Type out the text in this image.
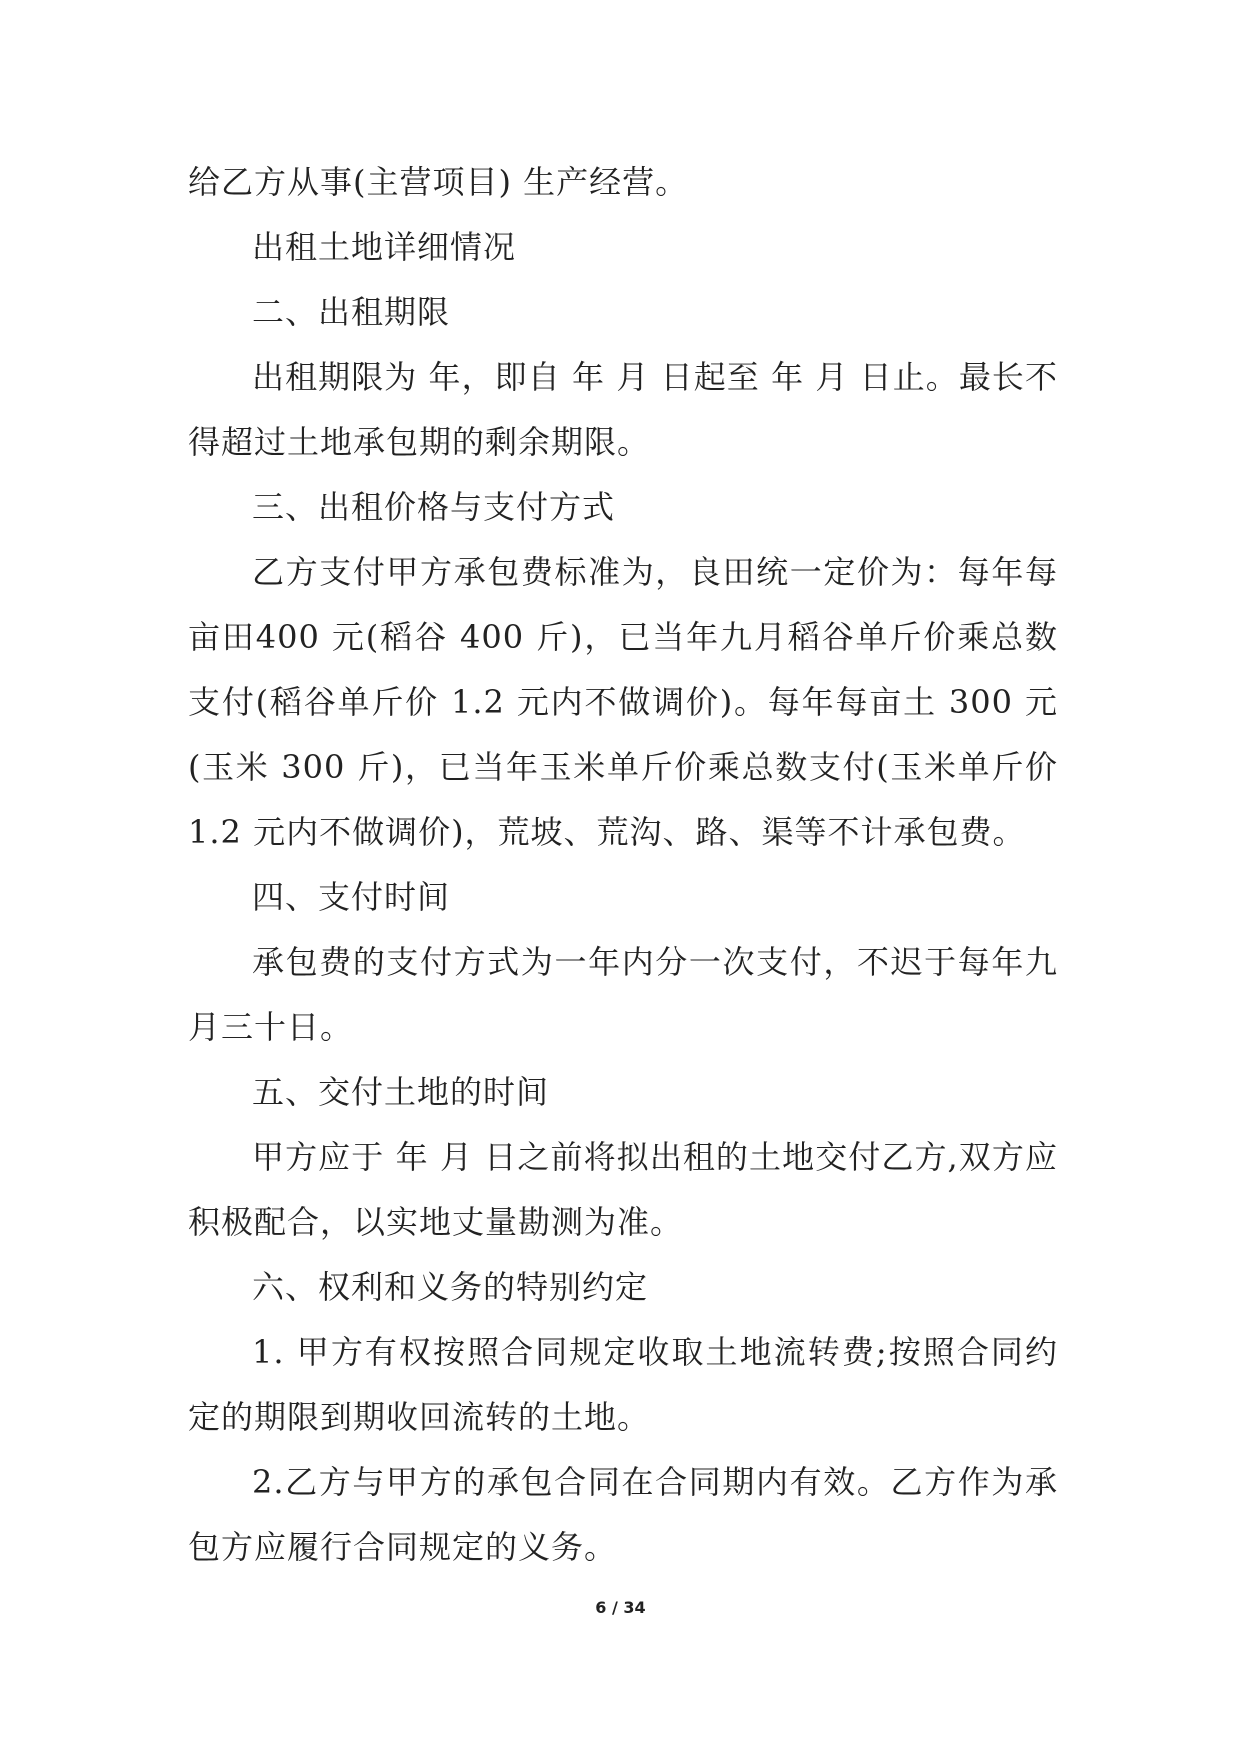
给乙方从事(主营项目) 生产经营。

出租土地详细情况

二、出租期限

出租期限为 年，即自 年 月 日起至 年 月 日止。最长不得超过土地承包期的剩余期限。

三、出租价格与支付方式

乙方支付甲方承包费标准为，良田统一定价为：每年每亩田400 元(稻谷 400 斤)，已当年九月稻谷单斤价乘总数支付(稻谷单斤价 1.2 元内不做调价)。每年每亩土 300 元(玉米 300 斤)，已当年玉米单斤价乘总数支付(玉米单斤价 1.2 元内不做调价)，荒坡、荒沟、路、渠等不计承包费。

四、支付时间

承包费的支付方式为一年内分一次支付，不迟于每年九月三十日。

五、交付土地的时间

甲方应于 年 月 日之前将拟出租的土地交付乙方,双方应积极配合，以实地丈量勘测为准。

六、权利和义务的特别约定

1. 甲方有权按照合同规定收取土地流转费;按照合同约定的期限到期收回流转的土地。

2.乙方与甲方的承包合同在合同期内有效。乙方作为承包方应履行合同规定的义务。

6 / 34
